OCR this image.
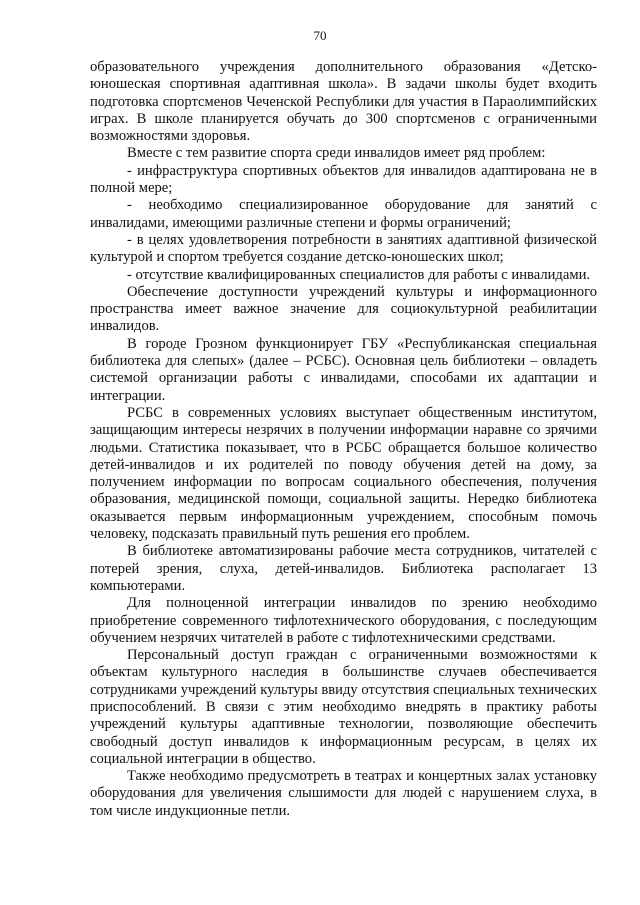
70

образовательного учреждения дополнительного образования «Детско-юношеская спортивная адаптивная школа». В задачи школы будет входить подготовка спортсменов Чеченской Республики для участия в Параолимпийских играх. В школе планируется обучать до 300 спортсменов с ограниченными возможностями здоровья.

Вместе с тем развитие спорта среди инвалидов имеет ряд проблем:

- инфраструктура спортивных объектов для инвалидов адаптирована не в полной мере;

- необходимо специализированное оборудование для занятий с инвалидами, имеющими различные степени и формы ограничений;

- в целях удовлетворения потребности в занятиях адаптивной физической культурой и спортом требуется создание детско-юношеских школ;

- отсутствие квалифицированных специалистов для работы с инвалидами.

Обеспечение доступности учреждений культуры и информационного пространства имеет важное значение для социокультурной реабилитации инвалидов.

В городе Грозном функционирует ГБУ «Республиканская специальная библиотека для слепых» (далее – РСБС). Основная цель библиотеки – овладеть системой организации работы с инвалидами, способами их адаптации и интеграции.

РСБС в современных условиях выступает общественным институтом, защищающим интересы незрячих в получении информации наравне со зрячими людьми. Статистика показывает, что в РСБС обращается большое количество детей-инвалидов и их родителей по поводу обучения детей на дому, за получением информации по вопросам социального обеспечения, получения образования, медицинской помощи, социальной защиты. Нередко библиотека оказывается первым информационным учреждением, способным помочь человеку, подсказать правильный путь решения его проблем.

В библиотеке автоматизированы рабочие места сотрудников, читателей с потерей зрения, слуха, детей-инвалидов. Библиотека располагает 13 компьютерами.

Для полноценной интеграции инвалидов по зрению необходимо приобретение современного тифлотехнического оборудования, с последующим обучением незрячих читателей в работе с тифлотехническими средствами.

Персональный доступ граждан с ограниченными возможностями к объектам культурного наследия в большинстве случаев обеспечивается сотрудниками учреждений культуры ввиду отсутствия специальных технических приспособлений. В связи с этим необходимо внедрять в практику работы учреждений культуры адаптивные технологии, позволяющие обеспечить свободный доступ инвалидов к информационным ресурсам, в целях их социальной интеграции в общество.

Также необходимо предусмотреть в театрах и концертных залах установку оборудования для увеличения слышимости для людей с нарушением слуха, в том числе индукционные петли.
